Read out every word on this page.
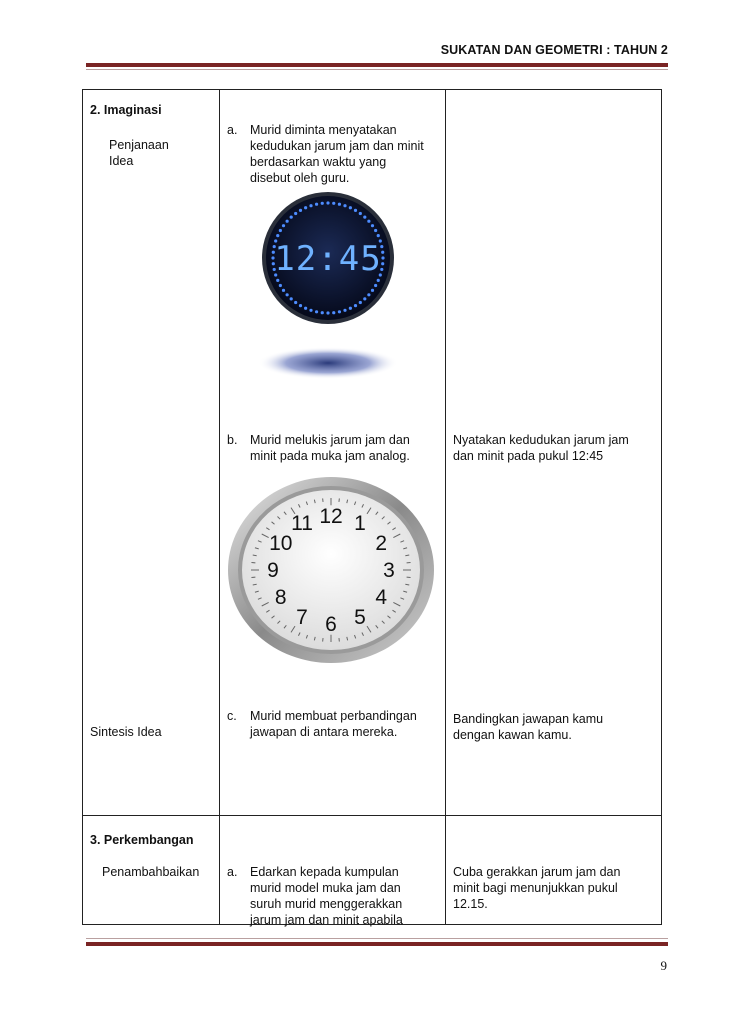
SUKATAN DAN GEOMETRI : TAHUN 2
2. Imaginasi
Penjanaan
Idea
Sintesis Idea
a. Murid diminta menyatakan
kedudukan jarum jam dan minit
berdasarkan waktu yang
disebut oleh guru.
12:45
b. Murid melukis jarum jam dan
minit pada muka jam analog.
Nyatakan kedudukan jarum jam
dan minit pada pukul 12:45
12 1
2
3
4
5
6
7
8
9
10
11
c. Murid membuat perbandingan
jawapan di antara mereka.
Bandingkan jawapan kamu
dengan kawan kamu.
3. Perkembangan
Penambahbaikan a. Edarkan kepada kumpulan
murid model muka jam dan
suruh murid menggerakkan
jarum jam dan minit apabila
Cuba gerakkan jarum jam dan
minit bagi menunjukkan pukul
12.15.
9
